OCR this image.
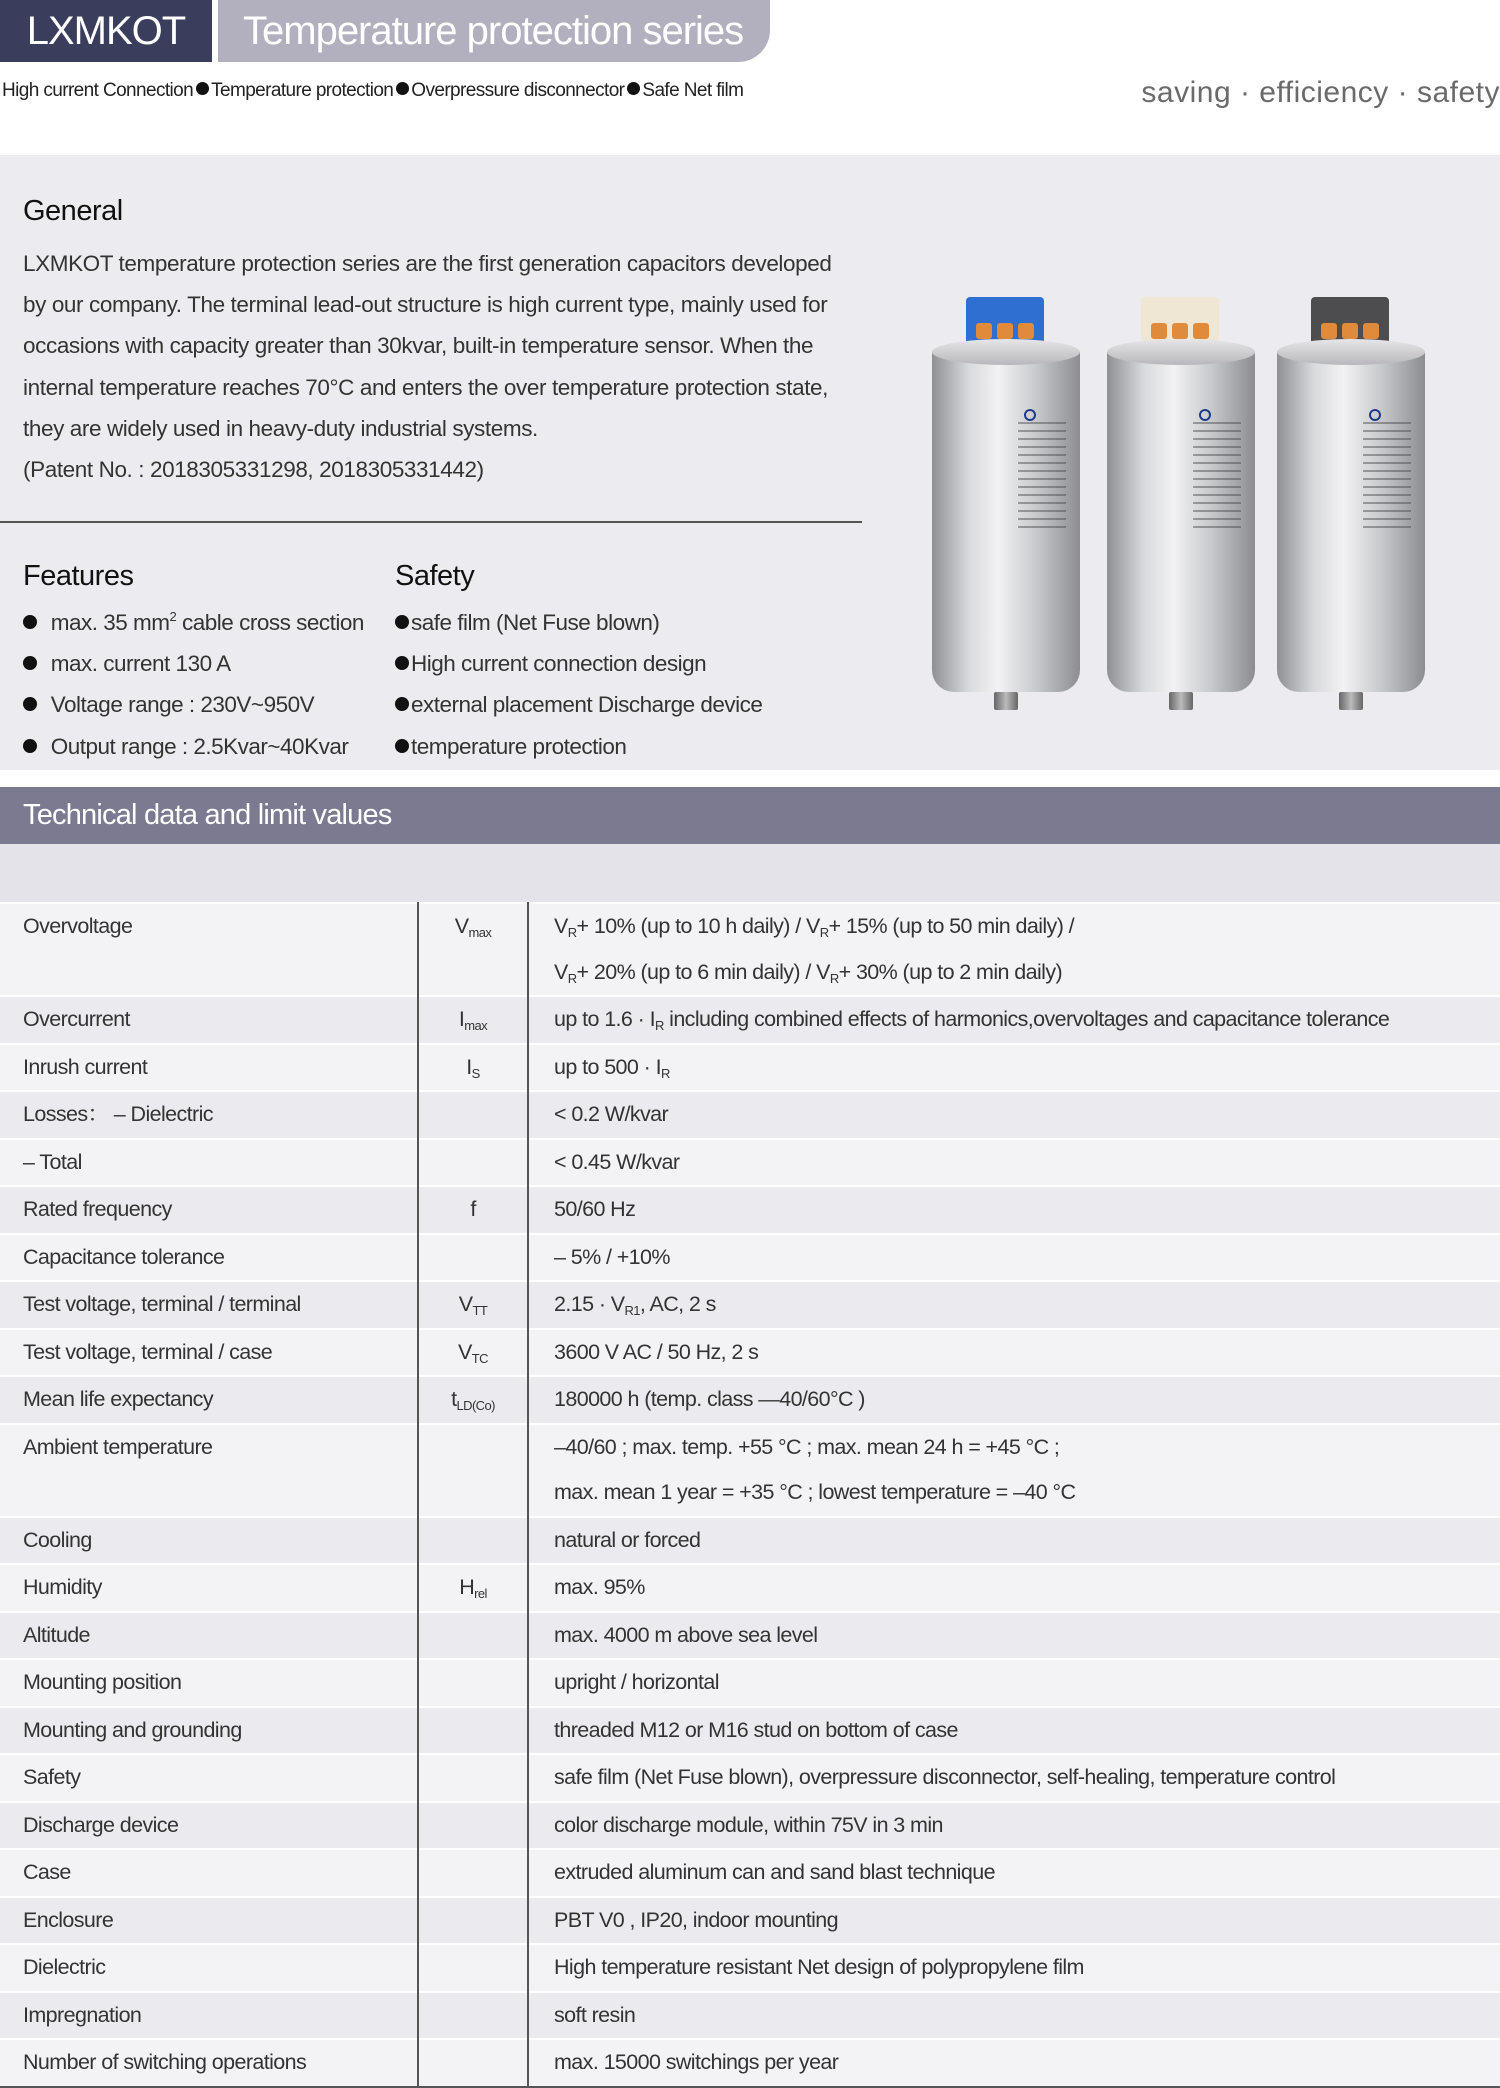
LXMKOT	Temperature protection series
High current Connection Temperature protection Overpressure disconnector Safe Net film	saving · efficiency · safety
General
LXMKOT temperature protection series are the first generation capacitors developed by our company. The terminal lead-out structure is high current type, mainly used for occasions with capacity greater than 30kvar, built-in temperature sensor. When the internal temperature reaches 70°C and enters the over temperature protection state, they are widely used in heavy-duty industrial systems.
(Patent No. : 2018305331298, 2018305331442)
Features
max. 35 $mm^2$ cable cross section
max. current 130 A
Voltage range : 230V~950V
Output range : 2.5Kvar~40Kvar
Safety
safe film (Net Fuse blown)
High current connection design
external placement Discharge device
temperature protection
Technical data and limit values
Overvoltage	$V_{max}$	$V_R+ 10\%$ (up to 10 h daily) / $V_R+ 15\%$ (up to 50 min daily) /
$V_R+ 20\%$ (up to 6 min daily) / $V_R+ 30\%$ (up to 2 min daily)

Overcurrent	$I_{max}$	up to $1.6 \cdot I_R$ including combined effects of harmonics,overvoltages and capacitance tolerance

Inrush current	$I_S$	up to $500 \cdot I_R$

Losses： – Dielectric		< 0.2 W/kvar

– Total		< 0.45 W/kvar

Rated frequency	f	50/60 Hz

Capacitance tolerance		– 5% / +10%

Test voltage, terminal / terminal	$V_{TT}$	$2.15 \cdot V_{R1}$, AC, 2 s

Test voltage, terminal / case	$V_{TC}$	3600 V AC / 50 Hz, 2 s

Mean life expectancy	$t_{LD(Co)}$	180000 h (temp. class —40/60°C )

Ambient temperature		–40/60 ; max. temp. +55 °C ; max. mean 24 h = +45 °C ;
max. mean 1 year = +35 °C ; lowest temperature = –40 °C

Cooling		natural or forced

Humidity	$H_{rel}$	max. 95%

Altitude		max. 4000 m above sea level

Mounting position		upright / horizontal

Mounting and grounding		threaded M12 or M16 stud on bottom of case

Safety		safe film (Net Fuse blown), overpressure disconnector, self-healing, temperature control

Discharge device		color discharge module, within 75V in 3 min

Case		extruded aluminum can and sand blast technique

Enclosure		PBT V0 , IP20, indoor mounting

Dielectric		High temperature resistant Net design of polypropylene film

Impregnation		soft resin

Number of switching operations		max. 15000 switchings per year
